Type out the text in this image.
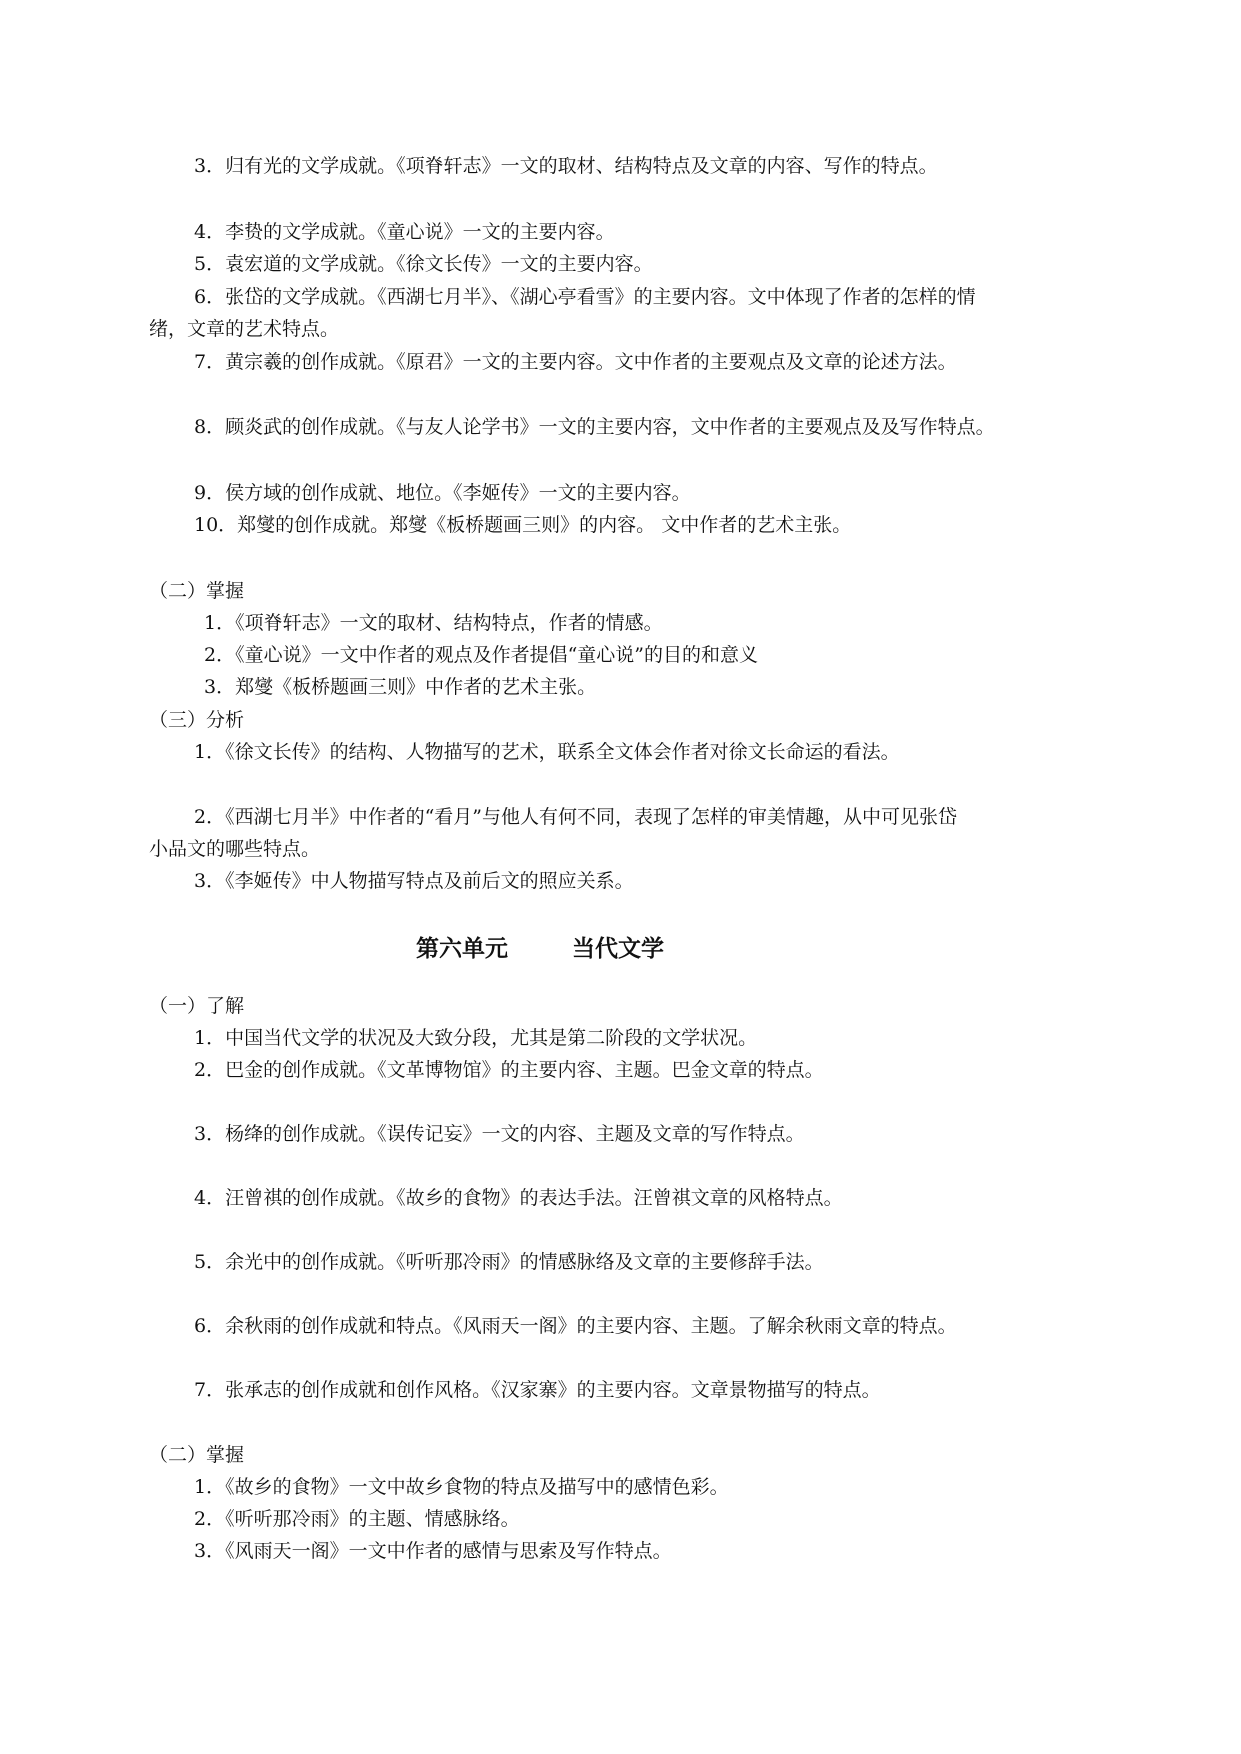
3．归有光的文学成就。《项脊轩志》一文的取材、结构特点及文章的内容、写作的特点。
4．李贽的文学成就。《童心说》一文的主要内容。
5．袁宏道的文学成就。《徐文长传》一文的主要内容。
6．张岱的文学成就。《西湖七月半》、《湖心亭看雪》的主要内容。文中体现了作者的怎样的情
绪，文章的艺术特点。
7．黄宗羲的创作成就。《原君》一文的主要内容。文中作者的主要观点及文章的论述方法。
8．顾炎武的创作成就。《与友人论学书》一文的主要内容，文中作者的主要观点及及写作特点。
9．侯方域的创作成就、地位。《李姬传》一文的主要内容。
10．郑燮的创作成就。郑燮《板桥题画三则》的内容。 文中作者的艺术主张。
（二）掌握
1．《项脊轩志》一文的取材、结构特点，作者的情感。
2．《童心说》一文中作者的观点及作者提倡“童心说”的目的和意义
3．郑燮《板桥题画三则》中作者的艺术主张。
（三）分析
1．《徐文长传》的结构、人物描写的艺术，联系全文体会作者对徐文长命运的看法。
2．《西湖七月半》中作者的“看月”与他人有何不同，表现了怎样的审美情趣，从中可见张岱
小品文的哪些特点。
3．《李姬传》中人物描写特点及前后文的照应关系。
第六单元        当代文学
（一）了解
1．中国当代文学的状况及大致分段，尤其是第二阶段的文学状况。
2．巴金的创作成就。《文革博物馆》的主要内容、主题。巴金文章的特点。
3．杨绛的创作成就。《误传记妄》一文的内容、主题及文章的写作特点。
4．汪曾祺的创作成就。《故乡的食物》的表达手法。汪曾祺文章的风格特点。
5．余光中的创作成就。《听听那冷雨》的情感脉络及文章的主要修辞手法。
6．余秋雨的创作成就和特点。《风雨天一阁》的主要内容、主题。了解余秋雨文章的特点。
7．张承志的创作成就和创作风格。《汉家寨》的主要内容。文章景物描写的特点。
（二）掌握
1．《故乡的食物》一文中故乡食物的特点及描写中的感情色彩。
2．《听听那冷雨》的主题、情感脉络。
3．《风雨天一阁》一文中作者的感情与思索及写作特点。
